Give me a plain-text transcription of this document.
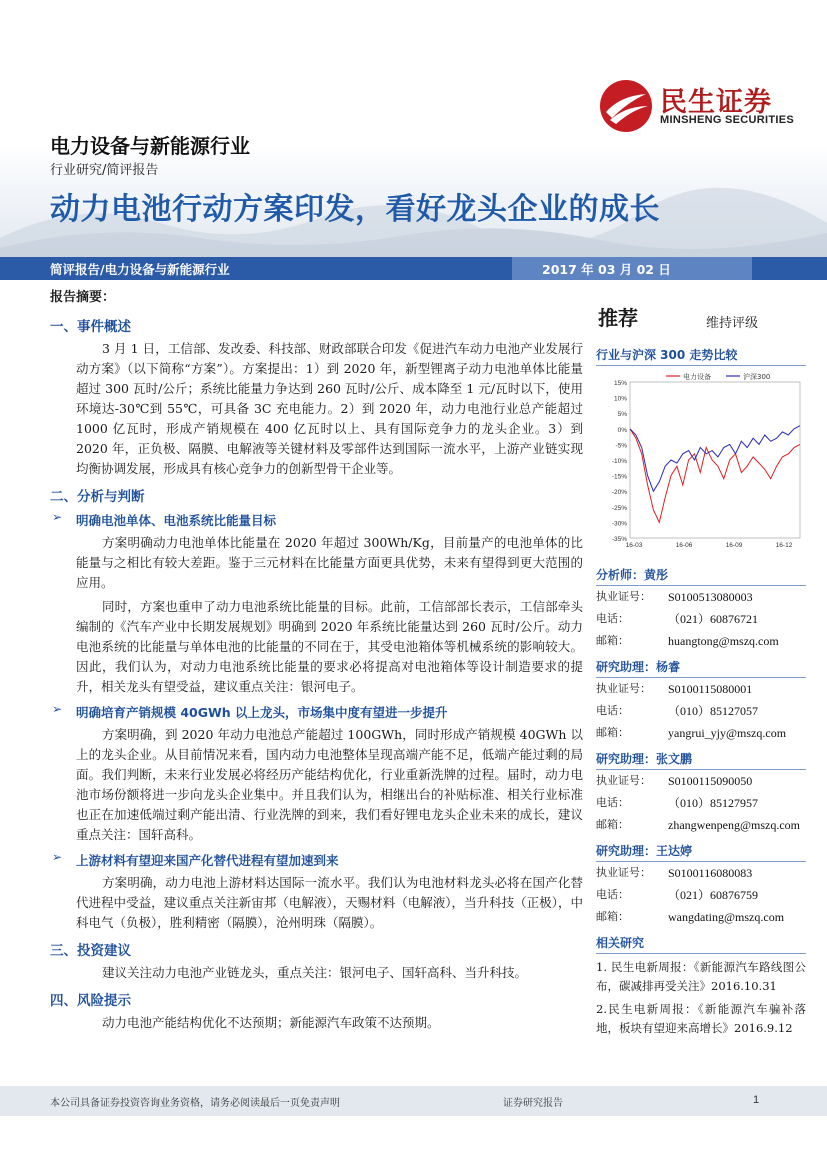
民生证券
MINSHENG SECURITIES
电力设备与新能源行业
行业研究/简评报告
动力电池行动方案印发，看好龙头企业的成长
简评报告/电力设备与新能源行业	2017 年 03 月 02 日
报告摘要：
一、事件概述

3 月 1 日，工信部、发改委、科技部、财政部联合印发《促进汽车动力电池产业发展行动方案》（以下简称“方案”）。方案提出：1）到 2020 年，新型锂离子动力电池单体比能量超过 300 瓦时/公斤；系统比能量力争达到 260 瓦时/公斤、成本降至 1 元/瓦时以下，使用环境达-30℃到 55℃，可具备 3C 充电能力。2）到 2020 年，动力电池行业总产能超过 1000 亿瓦时，形成产销规模在 400 亿瓦时以上、具有国际竞争力的龙头企业。3）到 2020 年，正负极、隔膜、电解液等关键材料及零部件达到国际一流水平，上游产业链实现均衡协调发展，形成具有核心竞争力的创新型骨干企业等。

二、分析与判断
➢ 明确电池单体、电池系统比能量目标

方案明确动力电池单体比能量在 2020 年超过 300Wh/Kg，目前量产的电池单体的比能量与之相比有较大差距。鉴于三元材料在比能量方面更具优势，未来有望得到更大范围的应用。

同时，方案也重申了动力电池系统比能量的目标。此前，工信部部长表示，工信部牵头编制的《汽车产业中长期发展规划》明确到 2020 年系统比能量达到 260 瓦时/公斤。动力电池系统的比能量与单体电池的比能量的不同在于，其受电池箱体等机械系统的影响较大。因此，我们认为，对动力电池系统比能量的要求必将提高对电池箱体等设计制造要求的提升，相关龙头有望受益，建议重点关注：银河电子。

➢ 明确培育产销规模 40GWh 以上龙头，市场集中度有望进一步提升

方案明确，到 2020 年动力电池总产能超过 100GWh，同时形成产销规模 40GWh 以上的龙头企业。从目前情况来看，国内动力电池整体呈现高端产能不足，低端产能过剩的局面。我们判断，未来行业发展必将经历产能结构优化，行业重新洗牌的过程。届时，动力电池市场份额将进一步向龙头企业集中。并且我们认为，相继出台的补贴标准、相关行业标准也正在加速低端过剩产能出清、行业洗牌的到来，我们看好锂电龙头企业未来的成长，建议重点关注：国轩高科。

➢ 上游材料有望迎来国产化替代进程有望加速到来

方案明确，动力电池上游材料达国际一流水平。我们认为电池材料龙头必将在国产化替代进程中受益，建议重点关注新宙邦（电解液），天赐材料（电解液），当升科技（正极），中科电气（负极），胜利精密（隔膜），沧州明珠（隔膜）。

三、投资建议

建议关注动力电池产业链龙头，重点关注：银河电子、国轩高科、当升科技。

四、风险提示

动力电池产能结构优化不达预期；新能源汽车政策不达预期。

推荐	维持评级
行业与沪深 300 走势比较
15%
10%
5%
0%
-5%
-10%
-15%
-20%
-25%
-30%
-35%
16-03	16-06	16-09	16-12
电力设备	沪深300
分析师：黄彤
执业证号：	S0100513080003
电话：	（021）60876721
邮箱：	huangtong@mszq.com
研究助理：杨睿
执业证号：	S0100115080001
电话：	（010）85127057
邮箱：	yangrui_yjy@mszq.com
研究助理：张文鹏
执业证号：	S0100115090050
电话：	（010）85127957
邮箱：	zhangwenpeng@mszq.com
研究助理：王达婷
执业证号：	S0100116080083
电话：	（021）60876759
邮箱：	wangdating@mszq.com
相关研究
1. 民生电新周报：《新能源汽车路线图公布，碳减排再受关注》2016.10.31
2.民生电新周报：《新能源汽车骗补落地，板块有望迎来高增长》2016.9.12
本公司具备证券投资咨询业务资格，请务必阅读最后一页免责声明	证券研究报告	1
